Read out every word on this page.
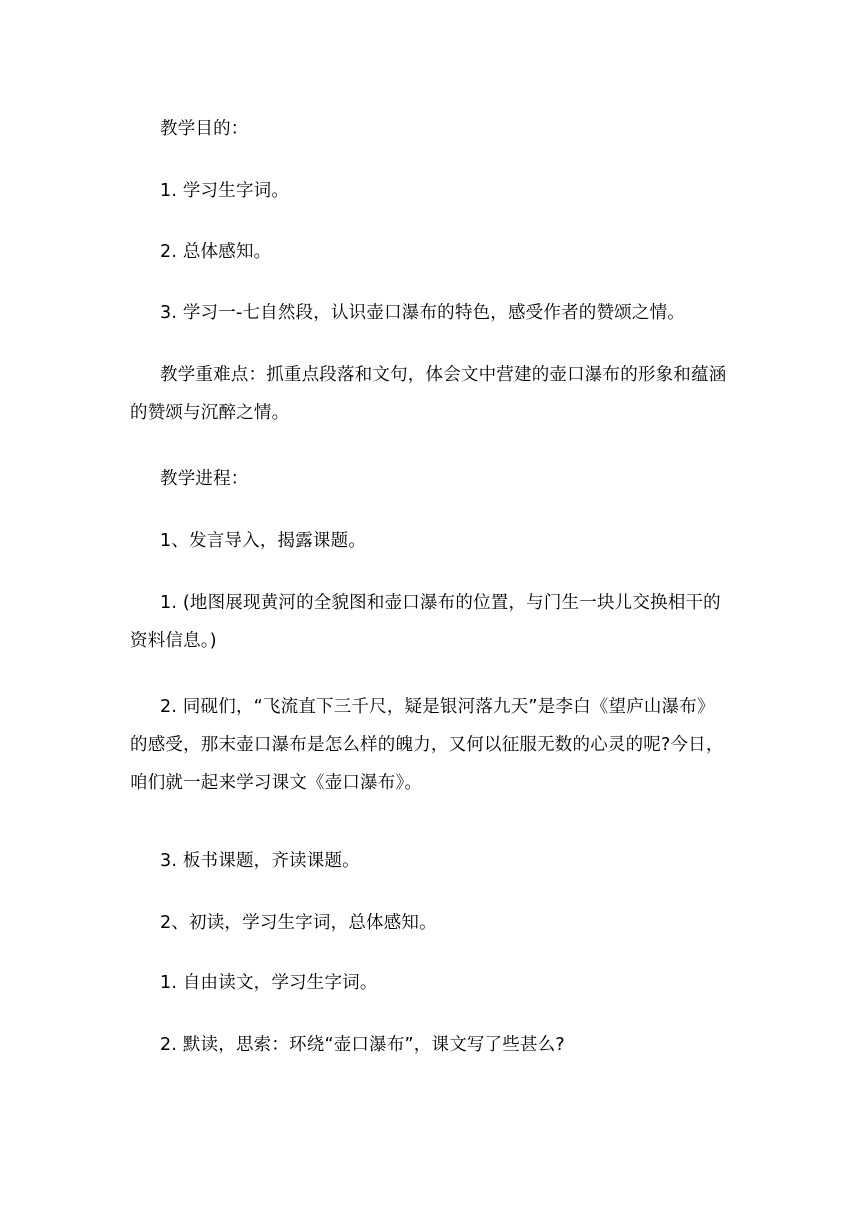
教学目的：
1. 学习生字词。
2. 总体感知。
3. 学习一-七自然段，认识壶口瀑布的特色，感受作者的赞颂之情。
教学重难点：抓重点段落和文句，体会文中营建的壶口瀑布的形象和蕴涵
的赞颂与沉醉之情。
教学进程：
1、发言导入，揭露课题。
1. (地图展现黄河的全貌图和壶口瀑布的位置，与门生一块儿交换相干的
资料信息。)
2. 同砚们，“飞流直下三千尺，疑是银河落九天”是李白《望庐山瀑布》
的感受，那末壶口瀑布是怎么样的魄力，又何以征服无数的心灵的呢?今日，
咱们就一起来学习课文《壶口瀑布》。
3. 板书课题，齐读课题。
2、初读，学习生字词，总体感知。
1. 自由读文，学习生字词。
2. 默读，思索：环绕“壶口瀑布”，课文写了些甚么?
